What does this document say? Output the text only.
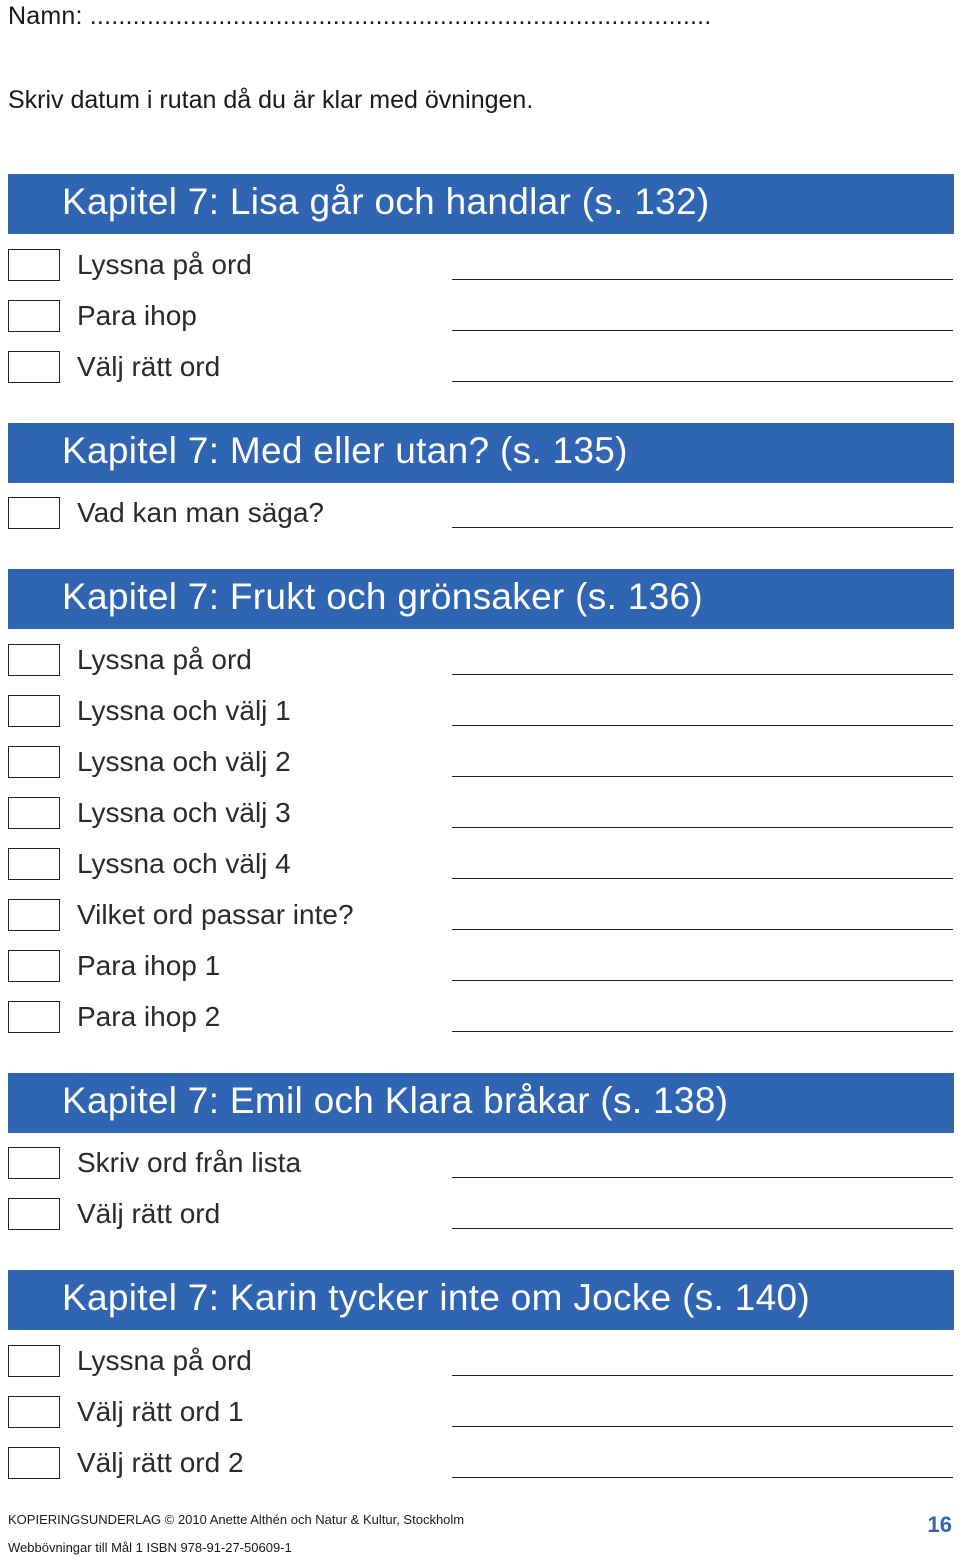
Namn: .......................................................................................
Skriv datum i rutan då du är klar med övningen.
Kapitel 7: Lisa går och handlar (s. 132)
Lyssna på ord
Para ihop
Välj rätt ord
Kapitel 7: Med eller utan? (s. 135)
Vad kan man säga?
Kapitel 7: Frukt och grönsaker (s. 136)
Lyssna på ord
Lyssna och välj 1
Lyssna och välj 2
Lyssna och välj 3
Lyssna och välj 4
Vilket ord passar inte?
Para ihop 1
Para ihop 2
Kapitel 7: Emil och Klara bråkar (s. 138)
Skriv ord från lista
Välj rätt ord
Kapitel 7: Karin tycker inte om Jocke (s. 140)
Lyssna på ord
Välj rätt ord 1
Välj rätt ord 2
KOPIERINGSUNDERLAG © 2010 Anette Althén och Natur & Kultur, Stockholm
Webbövningar till Mål 1 ISBN 978-91-27-50609-1
16
